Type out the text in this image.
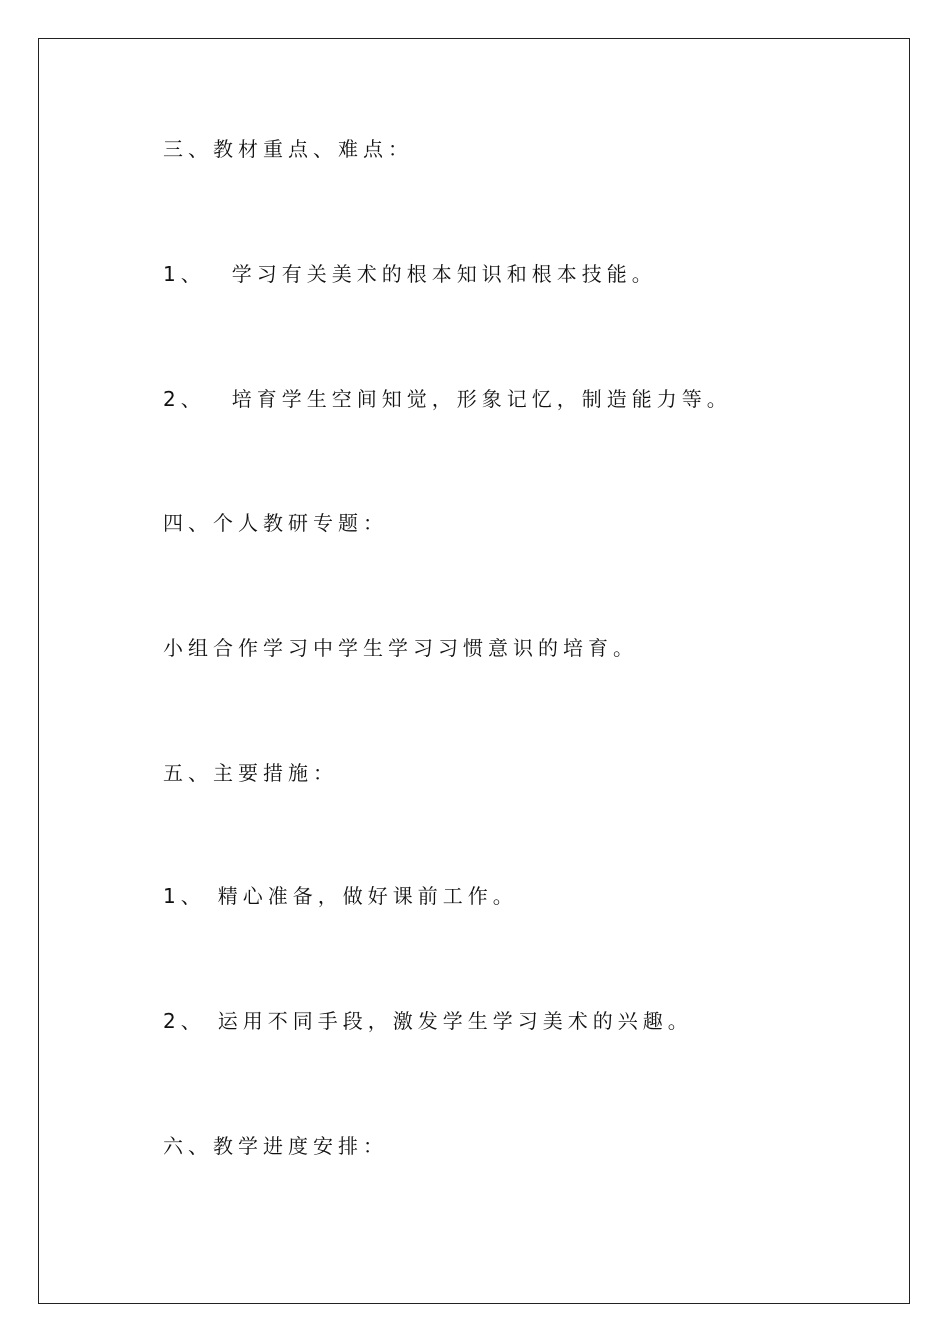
三、教材重点、难点：
1、 学习有关美术的根本知识和根本技能。
2、 培育学生空间知觉，形象记忆，制造能力等。
四、个人教研专题：
小组合作学习中学生学习习惯意识的培育。
五、主要措施：
1、 精心准备，做好课前工作。
2、 运用不同手段，激发学生学习美术的兴趣。
六、教学进度安排：
